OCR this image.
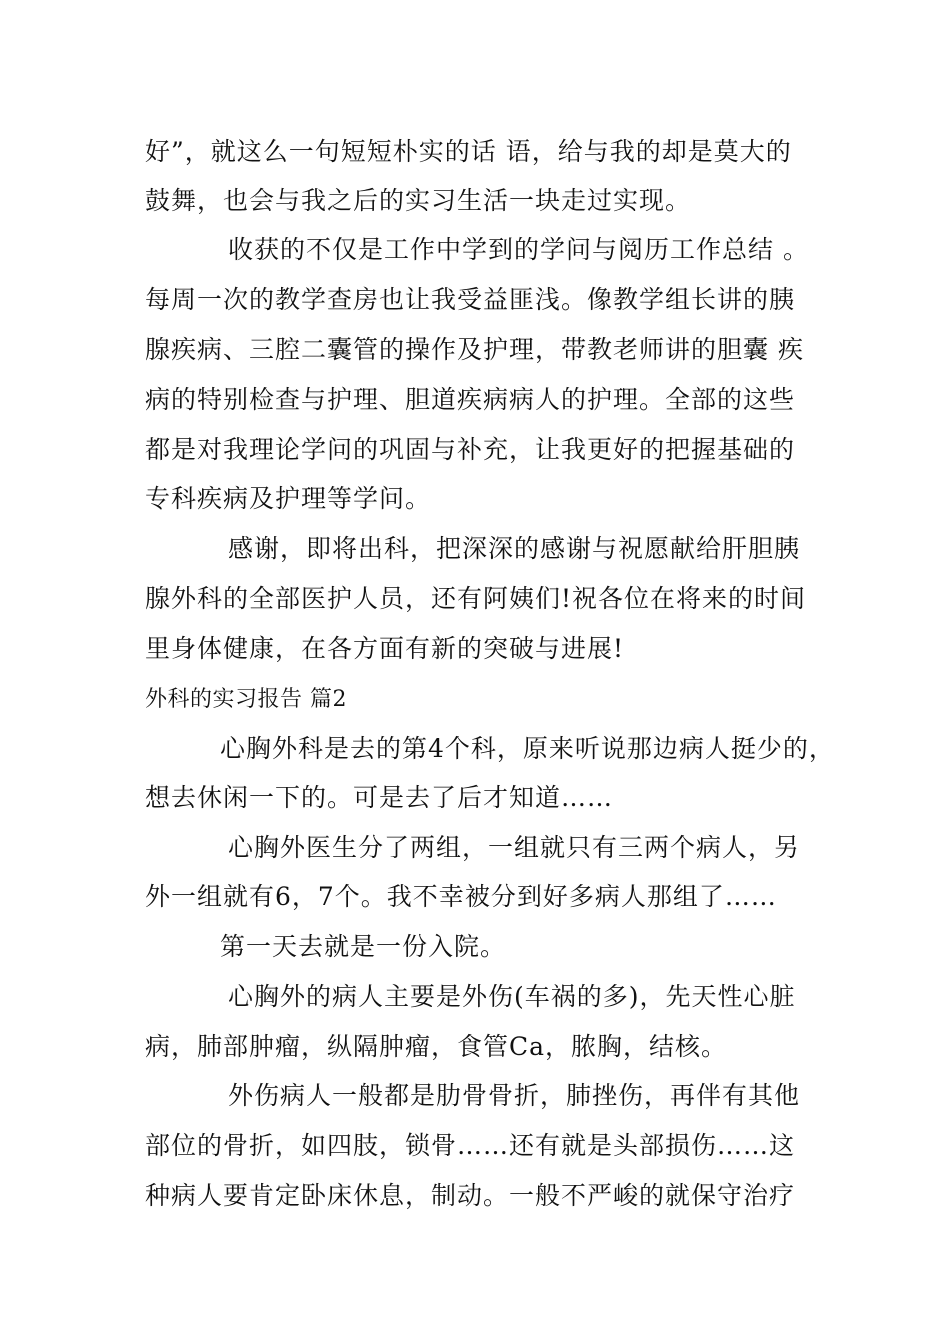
好”，就这么一句短短朴实的话 语，给与我的却是莫大的
鼓舞，也会与我之后的实习生活一块走过实现。
收获的不仅是工作中学到的学问与阅历工作总结 。
每周一次的教学查房也让我受益匪浅。像教学组长讲的胰
腺疾病、三腔二囊管的操作及护理，带教老师讲的胆囊 疾
病的特别检查与护理、胆道疾病病人的护理。全部的这些
都是对我理论学问的巩固与补充，让我更好的把握基础的
专科疾病及护理等学问。
感谢，即将出科，把深深的感谢与祝愿献给肝胆胰
腺外科的全部医护人员，还有阿姨们!祝各位在将来的时间
里身体健康，在各方面有新的突破与进展!
外科的实习报告 篇2
心胸外科是去的第4个科，原来听说那边病人挺少的，
想去休闲一下的。可是去了后才知道……
心胸外医生分了两组，一组就只有三两个病人，另
外一组就有6，7个。我不幸被分到好多病人那组了……
第一天去就是一份入院。
心胸外的病人主要是外伤(车祸的多)，先天性心脏
病，肺部肿瘤，纵隔肿瘤，食管Ca，脓胸，结核。
外伤病人一般都是肋骨骨折，肺挫伤，再伴有其他
部位的骨折，如四肢，锁骨……还有就是头部损伤……这
种病人要肯定卧床休息，制动。一般不严峻的就保守治疗
